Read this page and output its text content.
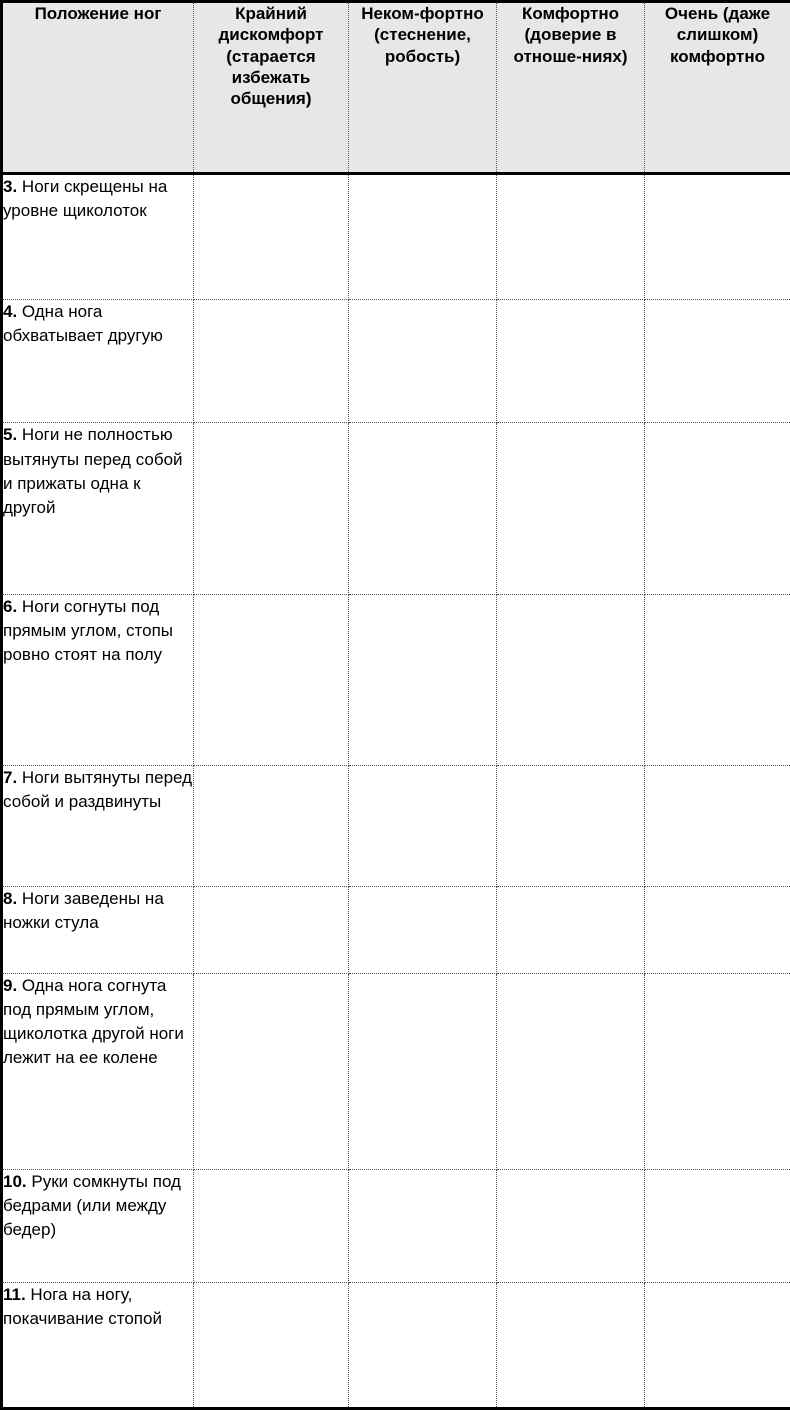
Положение ног	Крайний дискомфорт (старается избежать общения)	Неком-фортно (стеснение, робость)	Комфортно (доверие в отноше-ниях)	Очень (даже слишком) комфортно
3. Ноги скрещены на уровне щиколоток				
4. Одна нога обхватывает другую				
5. Ноги не полностью вытянуты перед собой и прижаты одна к другой				
6. Ноги согнуты под прямым углом, стопы ровно стоят на полу				
7. Ноги вытянуты перед собой и раздвинуты				
8. Ноги заведены на ножки стула				
9. Одна нога согнута под прямым углом, щиколотка другой ноги лежит на ее колене				
10. Руки сомкнуты под бедрами (или между бедер)				
11. Нога на ногу, покачивание стопой				
